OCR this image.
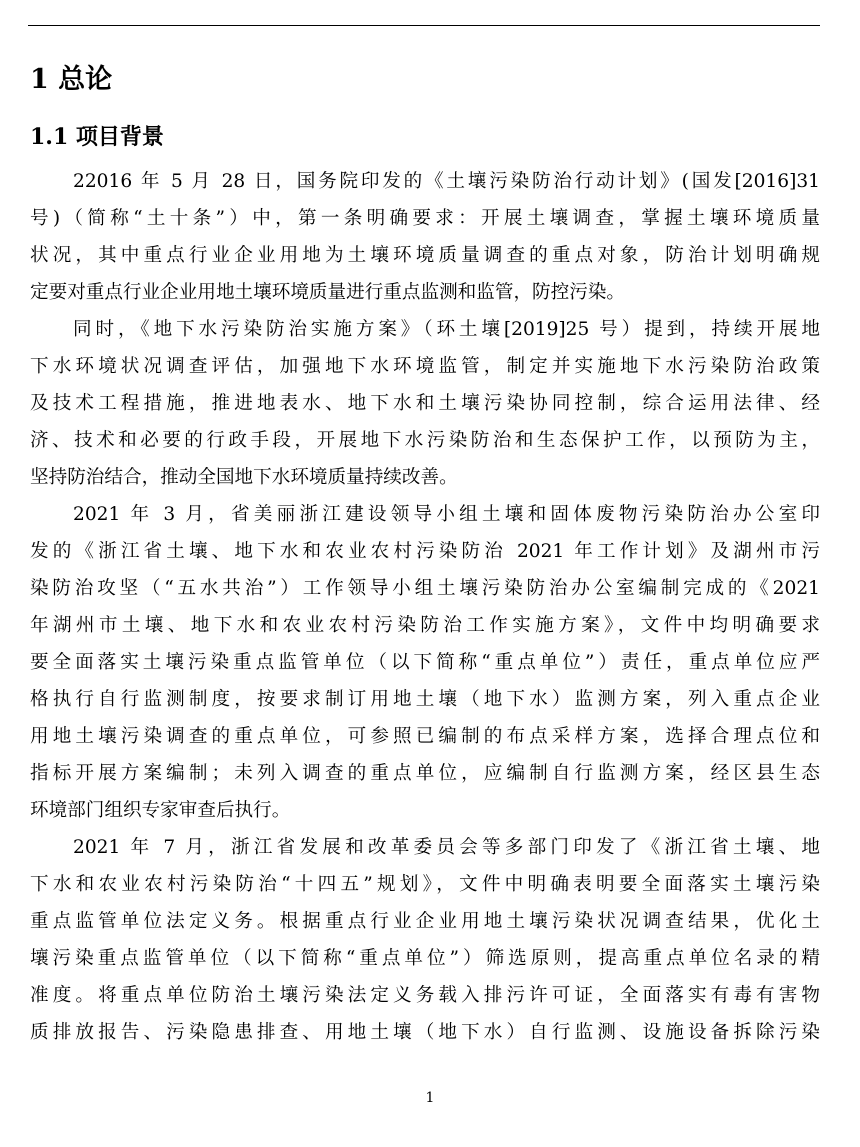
1 总论
1.1 项目背景
22016 年 5 月 28 日，国务院印发的《土壤污染防治行动计划》(国发[2016]31
号)（简称“土十条”）中，第一条明确要求：开展土壤调查，掌握土壤环境质量
状况，其中重点行业企业用地为土壤环境质量调查的重点对象，防治计划明确规
定要对重点行业企业用地土壤环境质量进行重点监测和监管，防控污染。
同时，《地下水污染防治实施方案》（环土壤[2019]25 号）提到，持续开展地
下水环境状况调查评估，加强地下水环境监管，制定并实施地下水污染防治政策
及技术工程措施，推进地表水、地下水和土壤污染协同控制，综合运用法律、经
济、技术和必要的行政手段，开展地下水污染防治和生态保护工作，以预防为主，
坚持防治结合，推动全国地下水环境质量持续改善。
2021 年 3 月，省美丽浙江建设领导小组土壤和固体废物污染防治办公室印
发的《浙江省土壤、地下水和农业农村污染防治 2021 年工作计划》及湖州市污
染防治攻坚（“五水共治”）工作领导小组土壤污染防治办公室编制完成的《2021
年湖州市土壤、地下水和农业农村污染防治工作实施方案》，文件中均明确要求
要全面落实土壤污染重点监管单位（以下简称“重点单位”）责任，重点单位应严
格执行自行监测制度，按要求制订用地土壤（地下水）监测方案，列入重点企业
用地土壤污染调查的重点单位，可参照已编制的布点采样方案，选择合理点位和
指标开展方案编制；未列入调查的重点单位，应编制自行监测方案，经区县生态
环境部门组织专家审查后执行。
2021 年 7 月，浙江省发展和改革委员会等多部门印发了《浙江省土壤、地
下水和农业农村污染防治“十四五”规划》，文件中明确表明要全面落实土壤污染
重点监管单位法定义务。根据重点行业企业用地土壤污染状况调查结果，优化土
壤污染重点监管单位（以下简称“重点单位”）筛选原则，提高重点单位名录的精
准度。将重点单位防治土壤污染法定义务载入排污许可证，全面落实有毒有害物
质排放报告、污染隐患排查、用地土壤（地下水）自行监测、设施设备拆除污染
1
